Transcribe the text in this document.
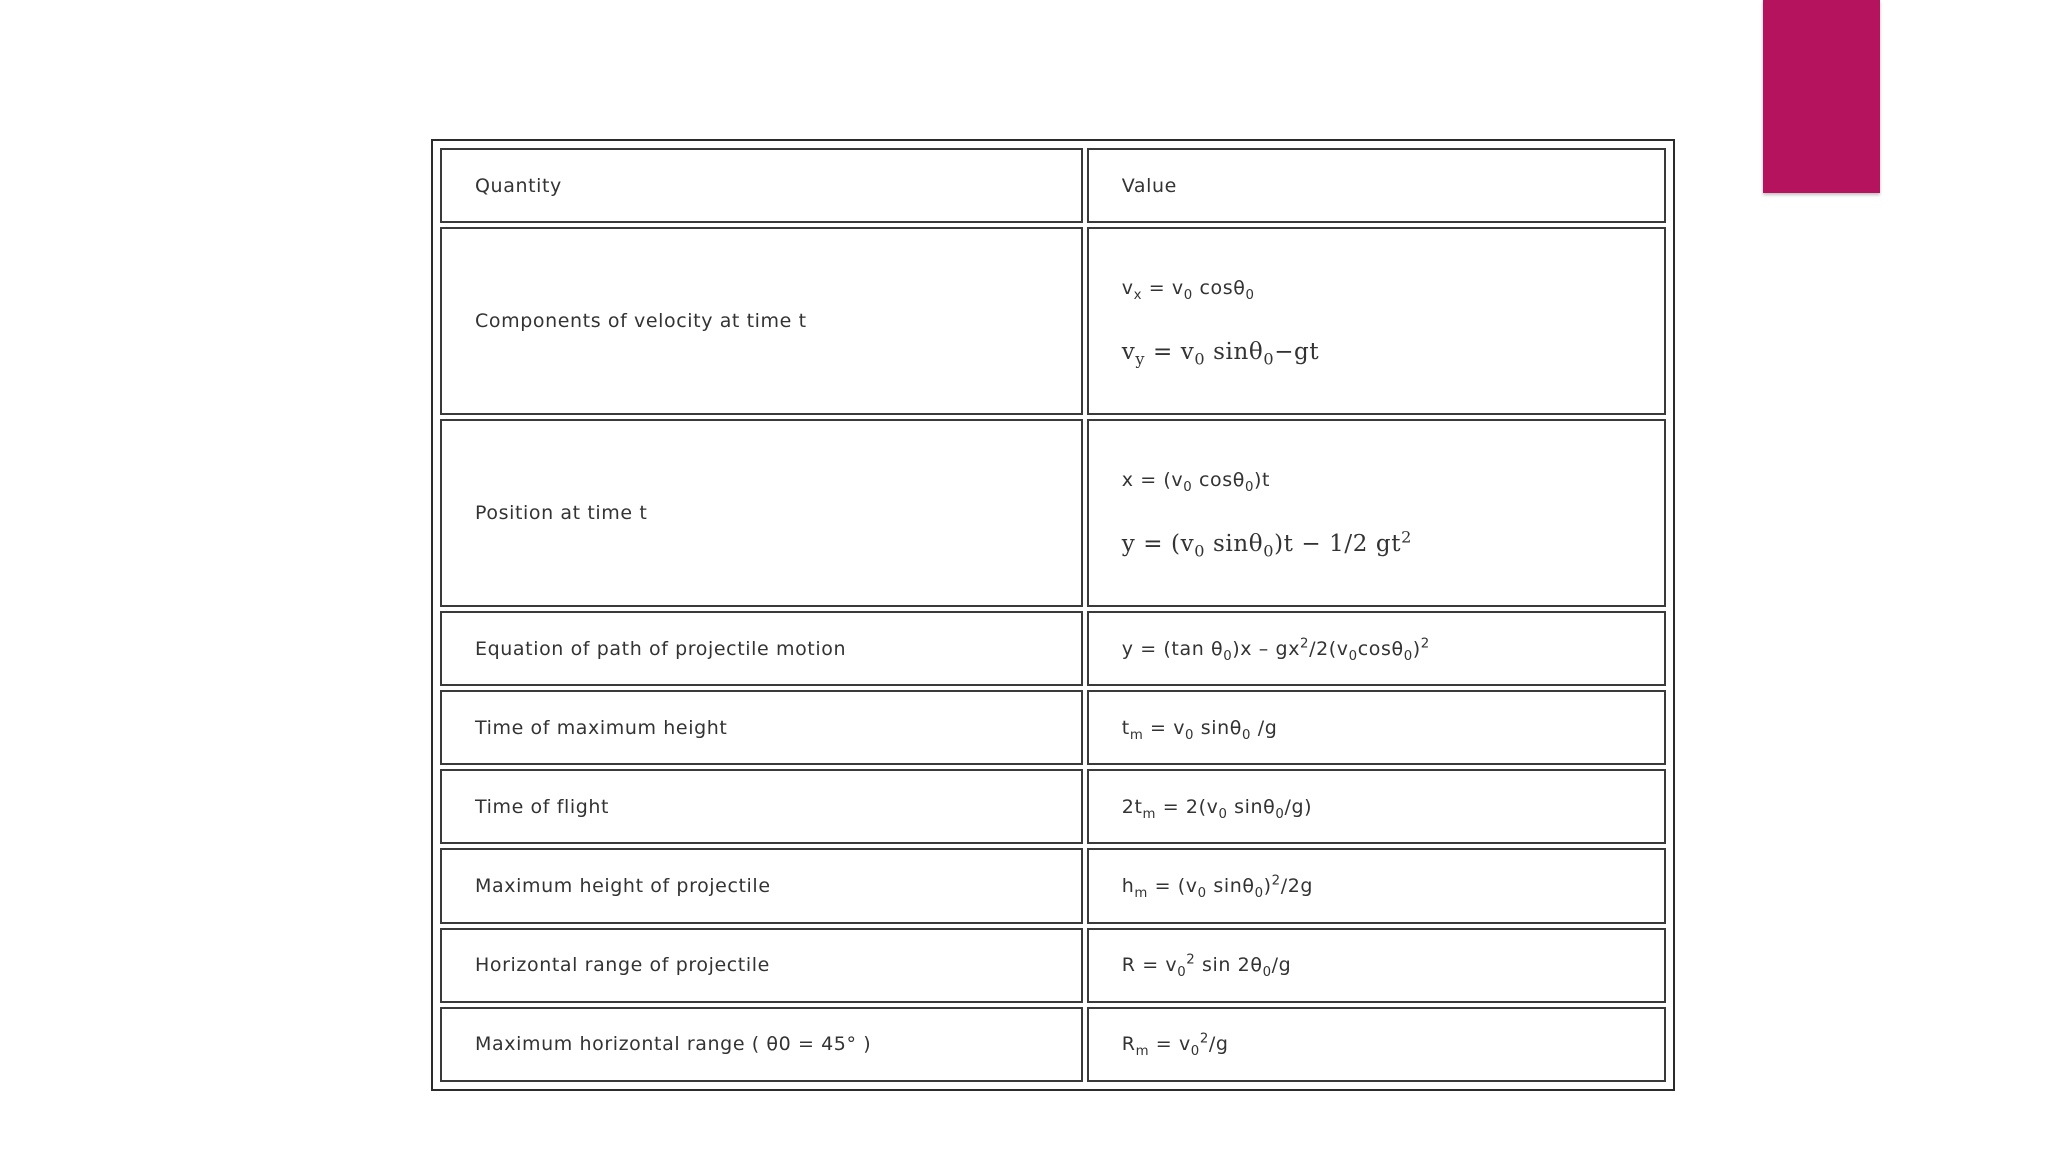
Quantity	Value
Components of velocity at time t	$v_x = v_0$ cosθ$_0$
$v_y = v_0$ sinθ$_0$−gt

Position at time t	$x = (v_0$ cosθ$_0$)t
$y = (v_0$ sinθ$_0$)t − 1/2 $gt^2$

Equation of path of projectile motion	y = (tan $\theta_0)x - gx^2/2(v_0\cos\theta_0)^2$
Time of maximum height	$t_m = v_0$ sinθ$_0$ /g
Time of flight	$2t_m = 2(v_0$ sinθ$_0$/g)
Maximum height of projectile	$h_m = (v_0$ sinθ$_0$)$^2$/2g
Horizontal range of projectile	$R = v_0^2$ $\sin 2\theta_0/g$
Maximum horizontal range ( θ0 = 45° )	$R_m = v_0^2/g$
